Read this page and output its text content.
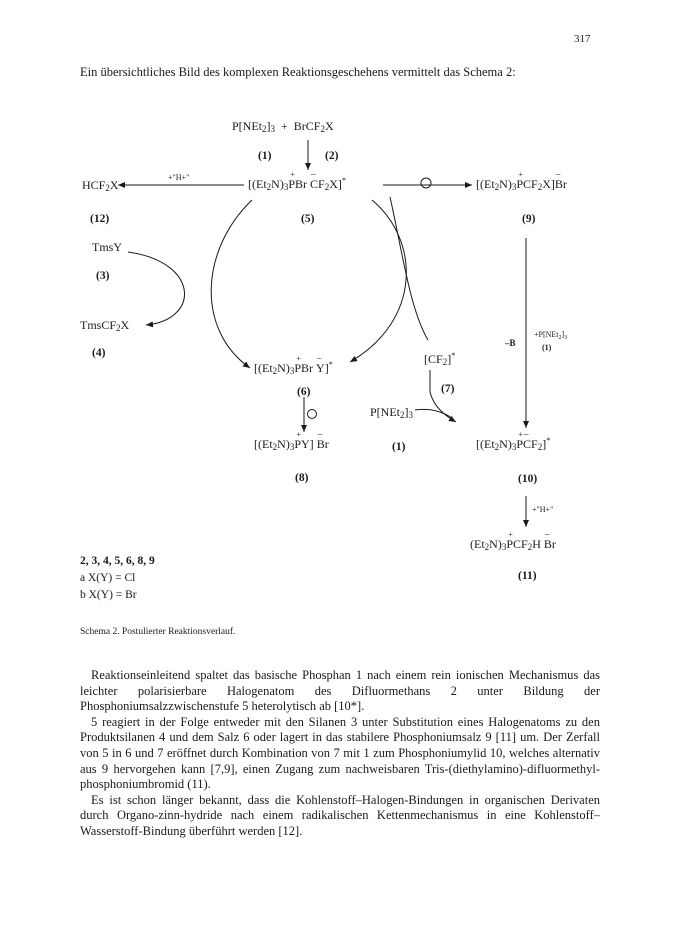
317
Ein übersichtliches Bild des komplexen Reaktionsgeschehens vermittelt das Schema 2:
$P[NEt_2]_3$ + BrCF$_2$X
(1)	(2)
$HCF_2X$
(12)
+"H+"	[$(Et_2N)_3+$ PBr – $CF_2X]^*$
(5)
$[(Et_2N)_3+ PCF_2X]-$ Br
(9)
TmsY
(3)
TmsCF$_2$X
(4)
[$(Et_2N)_3+$ PBr – Y]*
(6)
$[CF_2]^*$
(7)
$P[NEt_2]_3$
(1)
$[(Et_2N)_3+ PY] - Br$
(8)
–B
$+P[NEt_2]_3$
(1)
[$(Et_2N)_3+ P-$ $CF_2]^*$
(10)
+"H+"
$(Et_2N)_3+ PCF_2H - Br$
(11)
2, 3, 4, 5, 6, 8, 9
a X(Y) = Cl
b X(Y) = Br
Schema 2. Postulierter Reaktionsverlauf.

Reaktionseinleitend spaltet das basische Phosphan 1 nach einem rein ionischen Mechanismus das leichter polarisierbare Halogenatom des Difluormethans 2 unter Bildung der Phosphoniumsalzzwischenstufe 5 heterolytisch ab [10*].

5 reagiert in der Folge entweder mit den Silanen 3 unter Substitution eines Halogenatoms zu den Produktsilanen 4 und dem Salz 6 oder lagert in das stabilere Phosphoniumsalz 9 [11] um. Der Zerfall von 5 in 6 und 7 eröffnet durch Kombination von 7 mit 1 zum Phosphoniumylid 10, welches alternativ aus 9 hervorgehen kann [7,9], einen Zugang zum nachweisbaren Tris-(diethylamino)-difluormethyl-phosphoniumbromid (11).

Es ist schon länger bekannt, dass die Kohlenstoff–Halogen-Bindungen in organischen Derivaten durch Organo-zinn-hydride nach einem radikalischen Kettenmechanismus in eine Kohlenstoff–Wasserstoff-Bindung überführt werden [12].
